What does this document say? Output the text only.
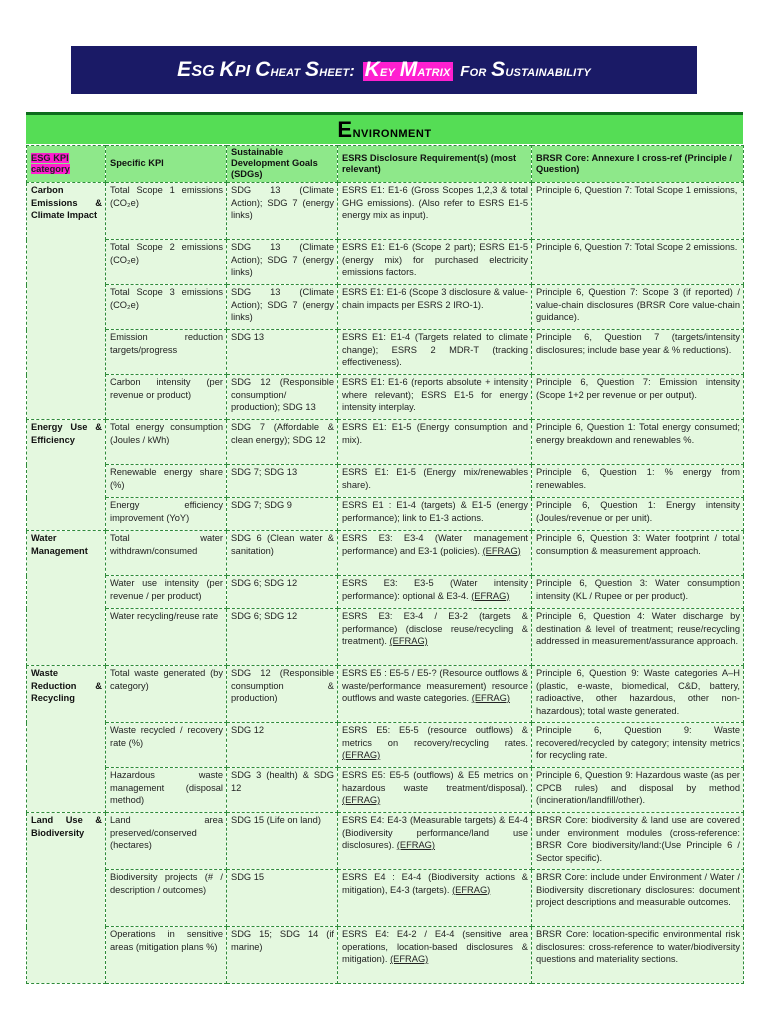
ESG KPI Cheat Sheet: Key Matrix for Sustainability
Environment
ESG KPI category	Specific KPI	Sustainable Development Goals (SDGs)	ESRS Disclosure Requirement(s) (most relevant)	BRSR Core: Annexure I cross-ref (Principle / Question)
Carbon Emissions & Climate Impact	Total Scope 1 emissions (CO₂e)	SDG 13 (Climate Action); SDG 7 (energy links)	ESRS E1: E1-6 (Gross Scopes 1,2,3 & total GHG emissions). (Also refer to ESRS E1-5 energy mix as input).	Principle 6, Question 7: Total Scope 1 emissions,
	Total Scope 2 emissions (CO₂e)	SDG 13 (Climate Action); SDG 7 (energy links)	ESRS E1: E1-6 (Scope 2 part); ESRS E1-5 (energy mix) for purchased electricity emissions factors.	Principle 6, Question 7: Total Scope 2 emissions.
	Total Scope 3 emissions (CO₂e)	SDG 13 (Climate Action); SDG 7 (energy links)	ESRS E1: E1-6 (Scope 3 disclosure & value-chain impacts per ESRS 2 IRO-1).	Principle 6, Question 7: Scope 3 (if reported) / value-chain disclosures (BRSR Core value-chain guidance).
	Emission reduction targets/progress	SDG 13	ESRS E1: E1-4 (Targets related to climate change); ESRS 2 MDR-T (tracking effectiveness).	Principle 6, Question 7 (targets/intensity disclosures; include base year & % reductions).
	Carbon intensity (per revenue or product)	SDG 12 (Responsible consumption/ production); SDG 13	ESRS E1: E1-6 (reports absolute + intensity where relevant); ESRS E1-5 for energy intensity interplay.	Principle 6, Question 7: Emission intensity (Scope 1+2 per revenue or per output).
Energy Use & Efficiency	Total energy consumption (Joules / kWh)	SDG 7 (Affordable & clean energy); SDG 12	ESRS E1: E1-5 (Energy consumption and mix).	Principle 6, Question 1: Total energy consumed; energy breakdown and renewables %.
	Renewable energy share (%)	SDG 7; SDG 13	ESRS E1: E1-5 (Energy mix/renewables share).	Principle 6, Question 1: % energy from renewables.
	Energy efficiency improvement (YoY)	SDG 7; SDG 9	ESRS E1 : E1-4 (targets) & E1-5 (energy performance); link to E1-3 actions.	Principle 6, Question 1: Energy intensity (Joules/revenue or per unit).
Water Management	Total water withdrawn/consumed	SDG 6 (Clean water & sanitation)	ESRS E3: E3-4 (Water management performance) and E3-1 (policies). (EFRAG)	Principle 6, Question 3: Water footprint / total consumption & measurement approach.
	Water use intensity (per revenue / per product)	SDG 6; SDG 12	ESRS E3: E3-5 (Water intensity performance): optional & E3-4. (EFRAG)	Principle 6, Question 3: Water consumption intensity (KL / Rupee or per product).
	Water recycling/reuse rate	SDG 6; SDG 12	ESRS E3: E3-4 / E3-2 (targets & performance) (disclose reuse/recycling & treatment). (EFRAG)	Principle 6, Question 4: Water discharge by destination & level of treatment; reuse/recycling addressed in measurement/assurance approach.
Waste Reduction & Recycling	Total waste generated (by category)	SDG 12 (Responsible consumption & production)	ESRS E5 : E5-5 / E5-? (Resource outflows & waste/performance measurement) resource outflows and waste categories. (EFRAG)	Principle 6, Question 9: Waste categories A–H (plastic, e-waste, biomedical, C&D, battery, radioactive, other hazardous, other non-hazardous); total waste generated.
	Waste recycled / recovery rate (%)	SDG 12	ESRS E5: E5-5 (resource outflows) & metrics on recovery/recycling rates. (EFRAG)	Principle 6, Question 9: Waste recovered/recycled by category; intensity metrics for recycling rate.
	Hazardous waste management (disposal method)	SDG 3 (health) & SDG 12	ESRS E5: E5-5 (outflows) & E5 metrics on hazardous waste treatment/disposal). (EFRAG)	Principle 6, Question 9: Hazardous waste (as per CPCB rules) and disposal by method (incineration/landfill/other).
Land Use & Biodiversity	Land area preserved/conserved (hectares)	SDG 15 (Life on land)	ESRS E4: E4-3 (Measurable targets) & E4-4 (Biodiversity performance/land use disclosures). (EFRAG)	BRSR Core: biodiversity & land use are covered under environment modules (cross-reference: BRSR Core biodiversity/land:(Use Principle 6 / Sector specific).
	Biodiversity projects (# / description / outcomes)	SDG 15	ESRS E4 : E4-4 (Biodiversity actions & mitigation), E4-3 (targets). (EFRAG)	BRSR Core: include under Environment / Water / Biodiversity discretionary disclosures: document project descriptions and measurable outcomes.
	Operations in sensitive areas (mitigation plans %)	SDG 15; SDG 14 (if marine)	ESRS E4: E4-2 / E4-4 (sensitive area operations, location-based disclosures & mitigation). (EFRAG)	BRSR Core: location-specific environmental risk disclosures: cross-reference to water/biodiversity questions and materiality sections.
